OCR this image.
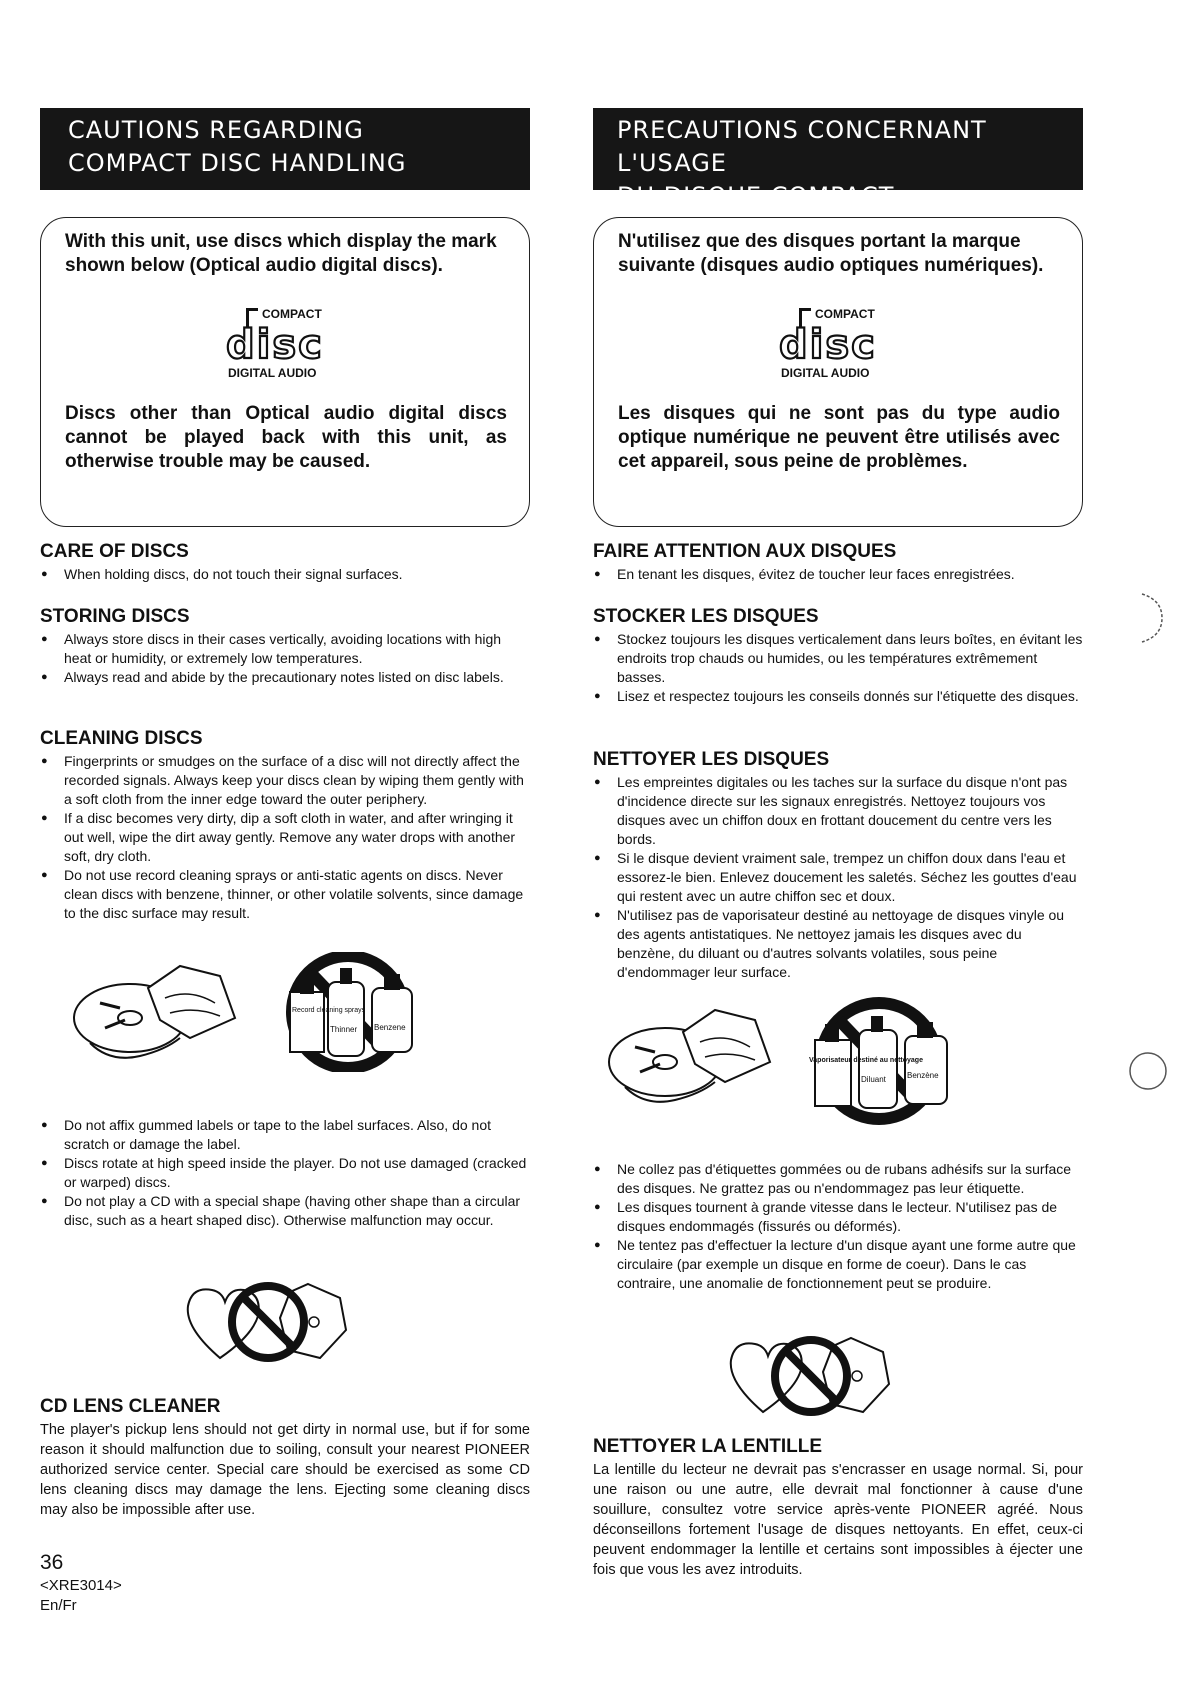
CAUTIONS REGARDING
COMPACT DISC HANDLING

With this unit, use discs which display the mark shown below (Optical audio digital discs).

COMPACT
disc
DIGITAL AUDIO

Discs other than Optical audio digital discs cannot be played back with this unit, as otherwise trouble may be caused.

CARE OF DISCS
● When holding discs, do not touch their signal surfaces.
STORING DISCS
● Always store discs in their cases vertically, avoiding locations with high heat or humidity, or extremely low temperatures.
● Always read and abide by the precautionary notes listed on disc labels.
CLEANING DISCS
● Fingerprints or smudges on the surface of a disc will not directly affect the recorded signals. Always keep your discs clean by wiping them gently with a soft cloth from the inner edge toward the outer periphery.
● If a disc becomes very dirty, dip a soft cloth in water, and after wringing it out well, wipe the dirt away gently. Remove any water drops with another soft, dry cloth.
● Do not use record cleaning sprays or anti-static agents on discs. Never clean discs with benzene, thinner, or other volatile solvents, since damage to the disc surface may result.
Record cleaning sprays
Thinner Benzene
● Do not affix gummed labels or tape to the label surfaces. Also, do not scratch or damage the label.
● Discs rotate at high speed inside the player. Do not use damaged (cracked or warped) discs.
● Do not play a CD with a special shape (having other shape than a circular disc, such as a heart shaped disc). Otherwise malfunction may occur.
CD LENS CLEANER

The player's pickup lens should not get dirty in normal use, but if for some reason it should malfunction due to soiling, consult your nearest PIONEER authorized service center. Special care should be exercised as some CD lens cleaning discs may damage the lens. Ejecting some cleaning discs may also be impossible after use.

PRECAUTIONS CONCERNANT L'USAGE
DU DISQUE COMPACT

N'utilisez que des disques portant la marque suivante (disques audio optiques numériques).

COMPACT
disc
DIGITAL AUDIO

Les disques qui ne sont pas du type audio optique numérique ne peuvent être utilisés avec cet appareil, sous peine de problèmes.

FAIRE ATTENTION AUX DISQUES
● En tenant les disques, évitez de toucher leur faces enregistrées.
STOCKER LES DISQUES
● Stockez toujours les disques verticalement dans leurs boîtes, en évitant les endroits trop chauds ou humides, ou les températures extrêmement basses.
● Lisez et respectez toujours les conseils donnés sur l'étiquette des disques.
NETTOYER LES DISQUES
● Les empreintes digitales ou les taches sur la surface du disque n'ont pas d'incidence directe sur les signaux enregistrés. Nettoyez toujours vos disques avec un chiffon doux en frottant doucement du centre vers les bords.
● Si le disque devient vraiment sale, trempez un chiffon doux dans l'eau et essorez-le bien. Enlevez doucement les saletés. Séchez les gouttes d'eau qui restent avec un autre chiffon sec et doux.
● N'utilisez pas de vaporisateur destiné au nettoyage de disques vinyle ou des agents antistatiques. Ne nettoyez jamais les disques avec du benzène, du diluant ou d'autres solvants volatiles, sous peine d'endommager leur surface.
Vaporisateur destiné au nettoyage
Diluant	Benzène
● Ne collez pas d'étiquettes gommées ou de rubans adhésifs sur la surface des disques. Ne grattez pas ou n'endommagez pas leur étiquette.
● Les disques tournent à grande vitesse dans le lecteur. N'utilisez pas de disques endommagés (fissurés ou déformés).
● Ne tentez pas d'effectuer la lecture d'un disque ayant une forme autre que circulaire (par exemple un disque en forme de coeur). Dans le cas contraire, une anomalie de fonctionnement peut se produire.
NETTOYER LA LENTILLE

La lentille du lecteur ne devrait pas s'encrasser en usage normal. Si, pour une raison ou une autre, elle devrait mal fonctionner à cause d'une souillure, consultez votre service après-vente PIONEER agréé. Nous déconseillons fortement l'usage de disques nettoyants. En effet, ceux-ci peuvent endommager la lentille et certains sont impossibles à éjecter une fois que vous les avez introduits.

36
<XRE3014>
En/Fr
